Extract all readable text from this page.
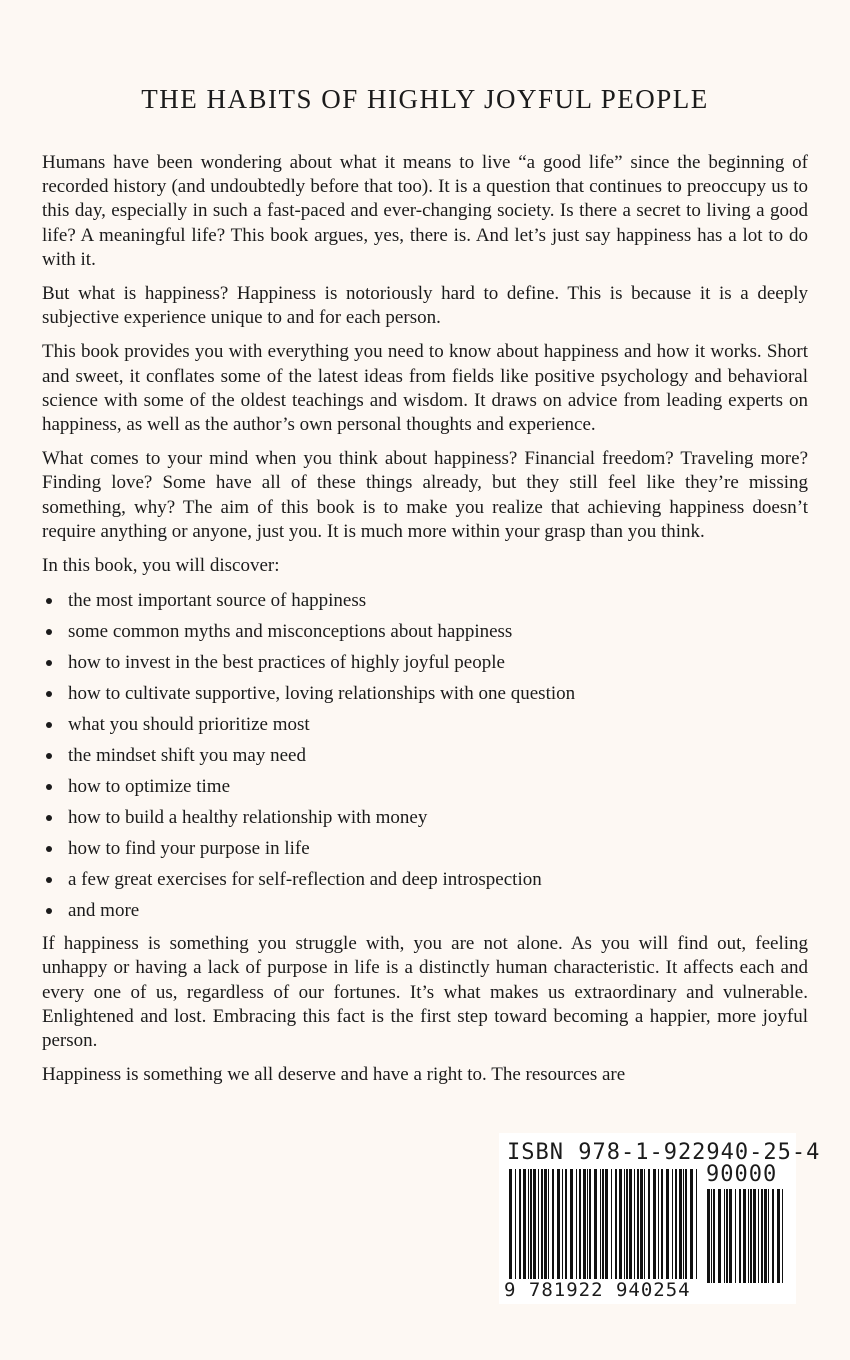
THE HABITS OF HIGHLY JOYFUL PEOPLE

Humans have been wondering about what it means to live “a good life” since the beginning of recorded history (and undoubtedly before that too). It is a question that continues to preoccupy us to this day, especially in such a fast-paced and ever-changing society. Is there a secret to living a good life? A meaningful life? This book argues, yes, there is. And let’s just say happiness has a lot to do with it.

But what is happiness? Happiness is notoriously hard to define. This is because it is a deeply subjective experience unique to and for each person.

This book provides you with everything you need to know about happiness and how it works. Short and sweet, it conflates some of the latest ideas from fields like positive psychology and behavioral science with some of the oldest teachings and wisdom. It draws on advice from leading experts on happiness, as well as the author’s own personal thoughts and experience.

What comes to your mind when you think about happiness? Financial freedom? Traveling more? Finding love? Some have all of these things already, but they still feel like they’re missing something, why? The aim of this book is to make you realize that achieving happiness doesn’t require anything or anyone, just you. It is much more within your grasp than you think.

In this book, you will discover:

the most important source of happiness
some common myths and misconceptions about happiness
how to invest in the best practices of highly joyful people
how to cultivate supportive, loving relationships with one question
what you should prioritize most
the mindset shift you may need
how to optimize time
how to build a healthy relationship with money
how to find your purpose in life
a few great exercises for self-reflection and deep introspection
and more

If happiness is something you struggle with, you are not alone. As you will find out, feeling unhappy or having a lack of purpose in life is a distinctly human characteristic. It affects each and every one of us, regardless of our fortunes. It’s what makes us extraordinary and vulnerable. Enlightened and lost. Embracing this fact is the first step toward becoming a happier, more joyful person.

Happiness is something we all deserve and have a right to. The resources are

ISBN 978-1-922940-25-4
90000
9 781922 940254
